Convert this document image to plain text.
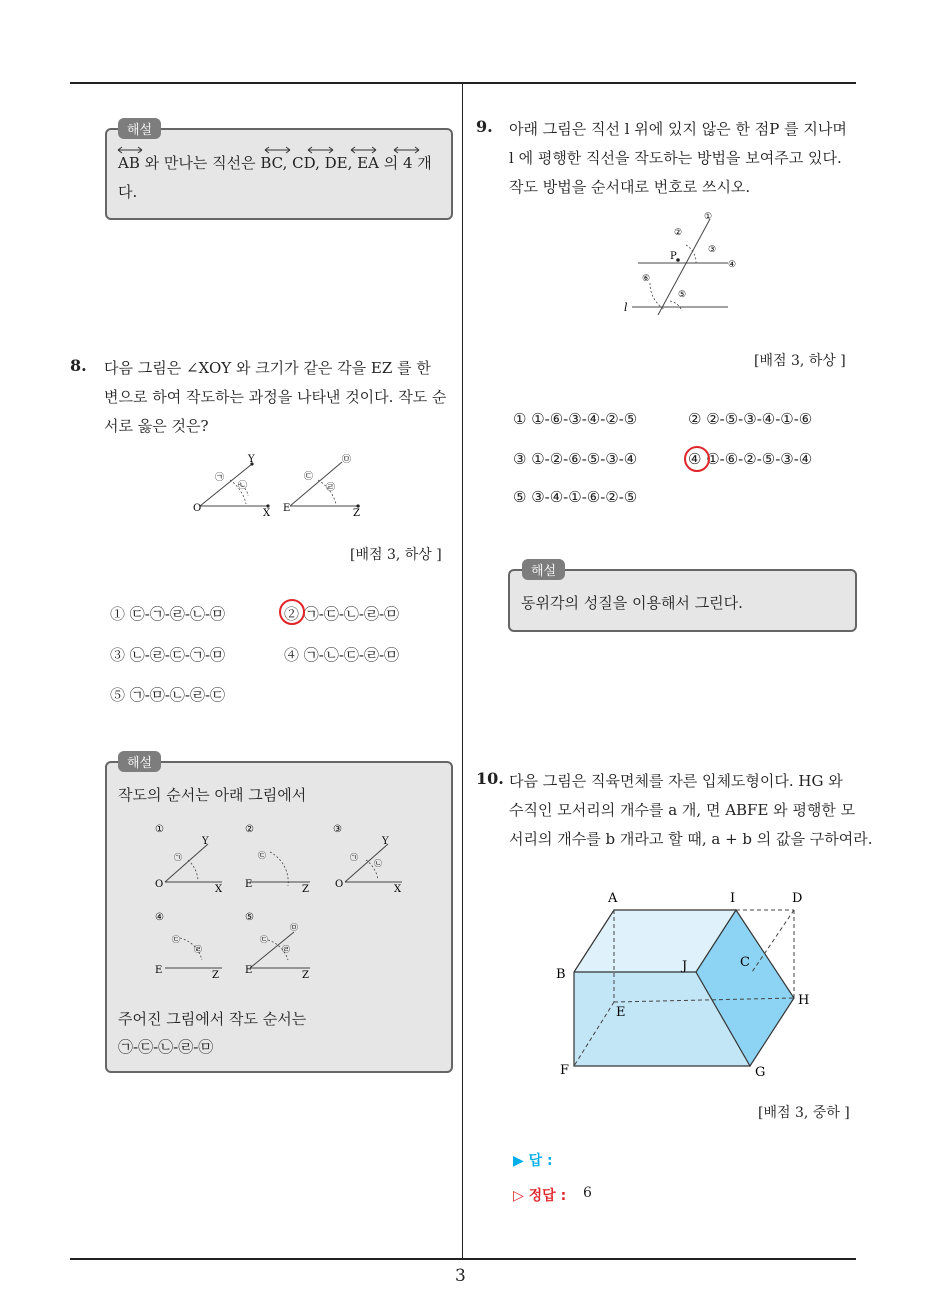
3
해설
AB 와 만나는 직선은 BC, CD, DE, EA 의 4 개
다.
8. 다음 그림은 ∠XOY 와 크기가 같은 각을 EZ 를 한
변으로 하여 작도하는 과정을 나타낸 것이다. 작도 순
서로 옳은 것은?
O	X
Y
㉠
㉡
E	Z
㉢
㉣
㉤
[배점 3, 하상 ]
① ㉢-㉠-㉣-㉡-㉤	② ㉠-㉢-㉡-㉣-㉤
③ ㉡-㉣-㉢-㉠-㉤	④ ㉠-㉡-㉢-㉣-㉤
⑤ ㉠-㉤-㉡-㉣-㉢
해설
작도의 순서는 아래 그림에서
①
O	X
Y
㉠
②
E	Z
㉢
③
O	X
Y
㉠
㉡
④
E	Z
㉢
㉣
⑤
E	Z
㉢
㉣
㉤
주어진 그림에서 작도 순서는
㉠-㉢-㉡-㉣-㉤
9. 아래 그림은 직선 l 위에 있지 않은 한 점P 를 지나며
l 에 평행한 직선을 작도하는 방법을 보여주고 있다.
작도 방법을 순서대로 번호로 쓰시오.
P
l
①
②
③
④
⑤
⑥
[배점 3, 하상 ]
① ①-⑥-③-④-②-⑤	② ②-⑤-③-④-①-⑥
③ ①-②-⑥-⑤-③-④	④ ①-⑥-②-⑤-③-④
⑤ ③-④-①-⑥-②-⑤
해설
동위각의 성질을 이용해서 그린다.
10. 다음 그림은 직육면체를 자른 입체도형이다. HG 와
수직인 모서리의 개수를 a 개, 면 ABFE 와 평행한 모
서리의 개수를 b 개라고 할 때, a + b 의 값을 구하여라.
A	I	D
B
J	C
H
E
F	G
[배점 3, 중하 ]
▶ 답 :
▷ 정답 : 6
